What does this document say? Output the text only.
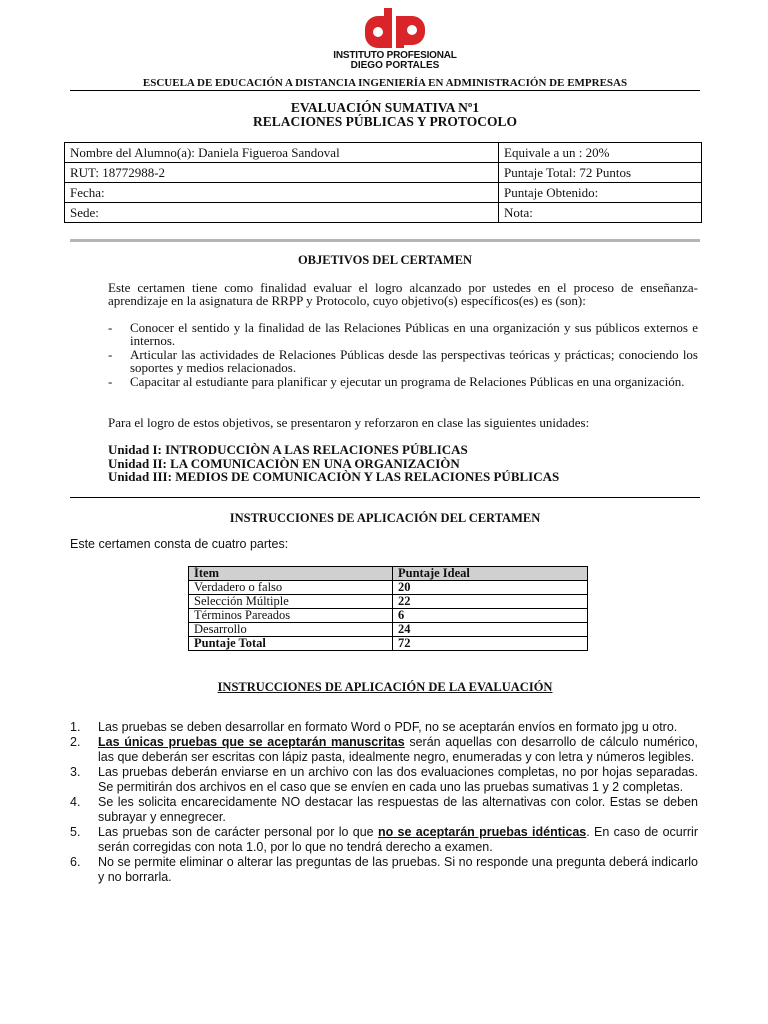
INSTITUTO PROFESIONAL
DIEGO PORTALES
ESCUELA DE EDUCACIÓN A DISTANCIA INGENIERÍA EN ADMINISTRACIÓN DE EMPRESAS
EVALUACIÓN SUMATIVA Nº1
RELACIONES PÚBLICAS Y PROTOCOLO
Nombre del Alumno(a): Daniela Figueroa Sandoval	Equivale a un : 20%
RUT: 18772988-2	Puntaje Total: 72 Puntos
Fecha:	Puntaje Obtenido:
Sede:	Nota:
OBJETIVOS DEL CERTAMEN
Este certamen tiene como finalidad evaluar el logro alcanzado por ustedes en el proceso de enseñanza-aprendizaje en la asignatura de RRPP y Protocolo, cuyo objetivo(s) específicos(es) es (son):
- Conocer el sentido y la finalidad de las Relaciones Públicas en una organización y sus públicos externos e internos.
- Articular las actividades de Relaciones Públicas desde las perspectivas teóricas y prácticas; conociendo los soportes y medios relacionados.
- Capacitar al estudiante para planificar y ejecutar un programa de Relaciones Públicas en una organización.
Para el logro de estos objetivos, se presentaron y reforzaron en clase las siguientes unidades:
Unidad I: INTRODUCCIÒN A LAS RELACIONES PÚBLICAS
Unidad II: LA COMUNICACIÒN EN UNA ORGANIZACIÒN
Unidad III: MEDIOS DE COMUNICACIÒN Y LAS RELACIONES PÚBLICAS
INSTRUCCIONES DE APLICACIÓN DEL CERTAMEN
Este certamen consta de cuatro partes:
Ítem	Puntaje Ideal
Verdadero o falso	20
Selección Múltiple	22
Términos Pareados	6
Desarrollo	24
Puntaje Total	72
INSTRUCCIONES DE APLICACIÓN DE LA EVALUACIÓN
1. Las pruebas se deben desarrollar en formato Word o PDF, no se aceptarán envíos en formato jpg u otro.
2. Las únicas pruebas que se aceptarán manuscritas serán aquellas con desarrollo de cálculo numérico, las que deberán ser escritas con lápiz pasta, idealmente negro, enumeradas y con letra y números legibles.
3. Las pruebas deberán enviarse en un archivo con las dos evaluaciones completas, no por hojas separadas. Se permitirán dos archivos en el caso que se envíen en cada uno las pruebas sumativas 1 y 2 completas.
4. Se les solicita encarecidamente NO destacar las respuestas de las alternativas con color. Estas se deben subrayar y ennegrecer.
5. Las pruebas son de carácter personal por lo que no se aceptarán pruebas idénticas. En caso de ocurrir serán corregidas con nota 1.0, por lo que no tendrá derecho a examen.
6. No se permite eliminar o alterar las preguntas de las pruebas. Si no responde una pregunta deberá indicarlo y no borrarla.
